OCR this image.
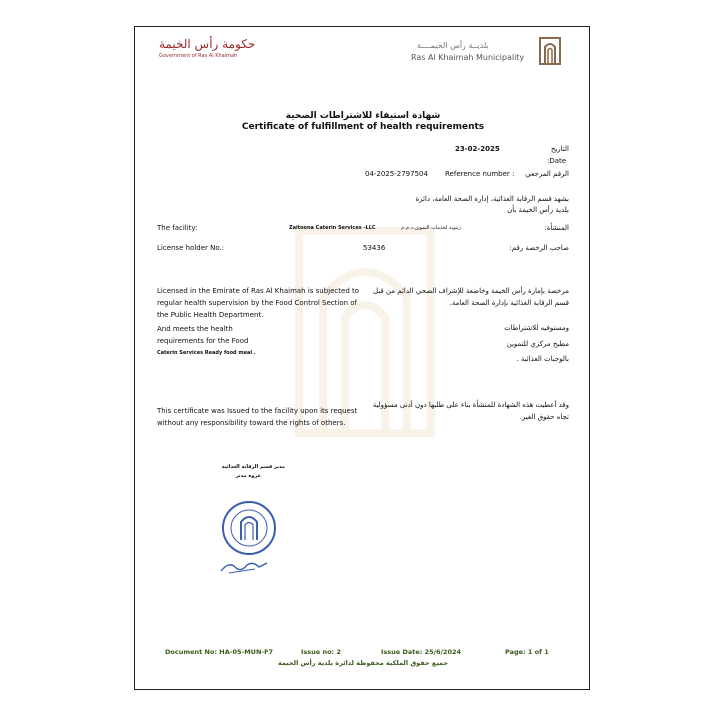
حكومة رأس الخيمة
Government of Ras Al Khaimah
بلديــة رأس الخيمــــة
Ras Al Khaimah Municipality
شهادة استيفاء للاشتراطات الصحية
Certificate of fulfillment of health requirements
23-02-2025	التاريخ
:Date
04-2025-2797504 Reference number :	الرقم المرجعي
يشهد قسم الرقابة الغذائية، إدارة الصحة العامة، دائرة
بلدية رأس الخيمة بأن
The facility:	Zaitoona Caterin Services -LLC	زيتونة لخدمات التموين.ذ.م.م	المنشأة:
License holder No.:	53436	صاحب الرخصة رقم:
Licensed in the Emirate of Ras Al Khaimah is subjected to regular health supervision by the Food Control Section of the Public Health Department.
مرخصة بإمارة رأس الخيمة وخاضعة للإشراف الصحي الدائم من قبل قسم الرقابة الغذائية بإدارة الصحة العامة.
And meets the health requirements for the Food
Caterin Services Ready food meal .
ومستوفيه للاشتراطات
مطبخ مركزي للتموين
بالوجبات الغذائية .
This certificate was Issued to the facility upon its request without any responsibility toward the rights of others.
وقد أعطيت هذه الشهادة للمنشأة بناء على طلبها دون أدنى مسؤولية تجاه حقوق الغير.
مدير قسم الرقابة الغذائية
عروة مدثر
Document No: HA-05-MUN-F7	Issue no: 2	Issue Date: 25/6/2024	Page: 1 of 1
جميع حقوق الملكية محفوظة لدائرة بلدية رأس الخيمة
